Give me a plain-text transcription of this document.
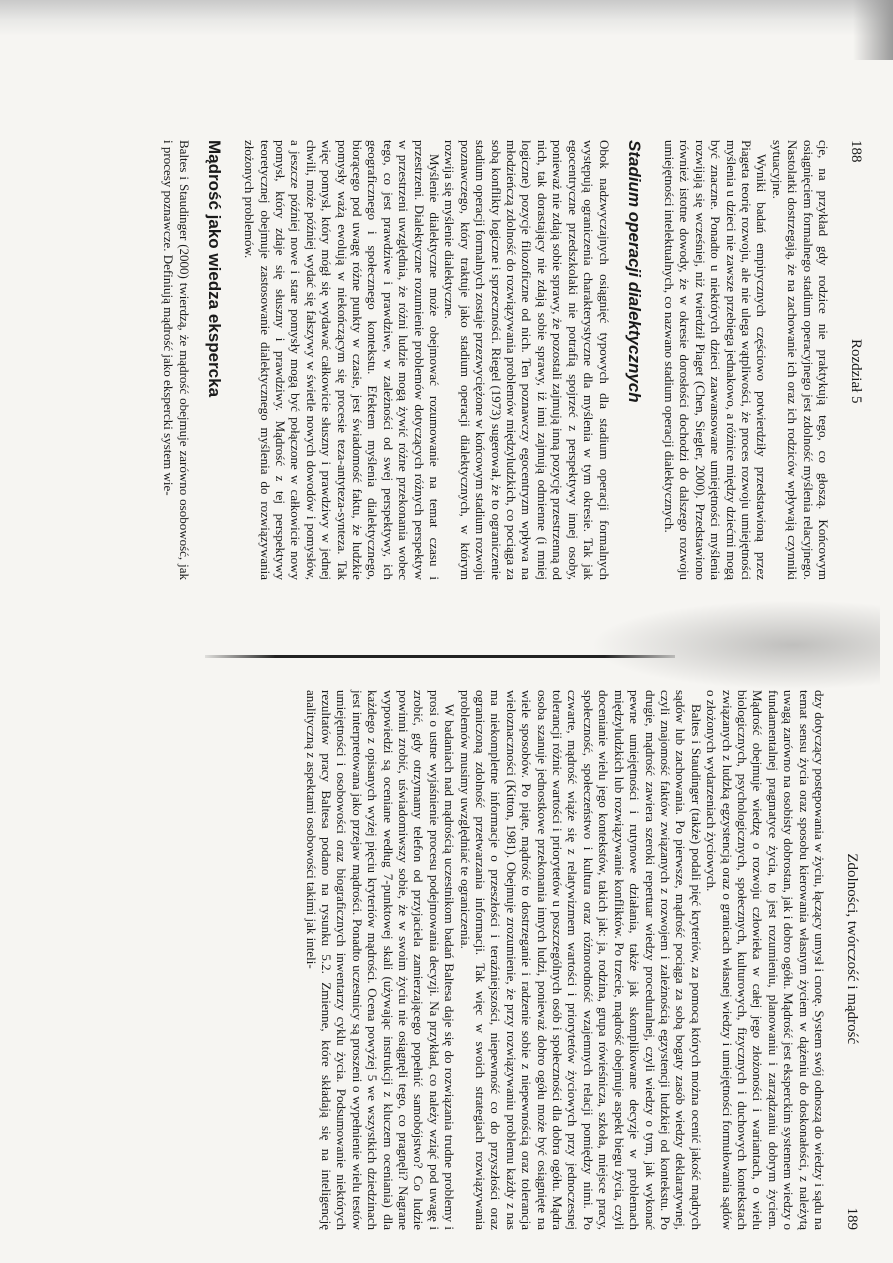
188
Rozdział 5

cje, na przykład gdy rodzice nie praktykują tego, co głoszą. Końcowym osiągnięciem formalnego stadium operacyjnego jest zdolność myślenia relacyjnego. Nastolatki dostrzegają, że na zachowanie ich oraz ich rodziców wpływają czynniki sytuacyjne.

Wyniki badań empirycznych częściowo potwierdziły przedstawioną przez Piageta teorię rozwoju, ale nie ulega wątpliwości, że proces rozwoju umiejętności myślenia u dzieci nie zawsze przebiega jednakowo, a różnice między dziećmi mogą być znaczne. Ponadto u niektórych dzieci zaawansowane umiejętności myślenia rozwijają się wcześniej, niż twierdził Piaget (Chen, Siegler, 2000). Przedstawiono również istotne dowody, że w okresie dorosłości dochodzi do dalszego rozwoju umiejętności intelektualnych, co nazwano stadium operacji dialektycznych.

Stadium operacji dialektycznych

Obok nadzwyczajnych osiągnięć typowych dla stadium operacji formalnych występują ograniczenia charakterystyczne dla myślenia w tym okresie. Tak jak egocentryczne przedszkolaki nie potrafią spojrzeć z perspektywy innej osoby, ponieważ nie zdają sobie sprawy, że pozostali zajmują inną pozycję przestrzenną od nich, tak dorastający nie zdają sobie sprawy, iż inni zajmują odmienne (i mniej logiczne) pozycje filozoficzne od nich. Ten poznawczy egocentryzm wpływa na młodzieńczą zdolność do rozwiązywania problemów międzyludzkich, co pociąga za sobą konflikty logiczne i sprzeczności. Riegel (1973) sugerował, że to ograniczenie stadium operacji formalnych zostaje przezwyciężone w końcowym stadium rozwoju poznawczego, który traktuje jako stadium operacji dialektycznych, w którym rozwija się myślenie dialektyczne.

Myślenie dialektyczne może obejmować rozumowanie na temat czasu i przestrzeni. Dialektyczne rozumienie problemów dotyczących różnych perspektyw w przestrzeni uwzględnia, że różni ludzie mogą żywić różne przekonania wobec tego, co jest prawdziwe i prawdziwe, w zależności od swej perspektywy, ich geograficznego i społecznego kontekstu. Efektem myślenia dialektycznego, biorącego pod uwagę różne punkty w czasie, jest świadomość faktu, że ludzkie pomysły ważą ewolują w niekończącym się procesie teza-antyteza-synteza. Tak więc pomysł, który mógł się wydawać całkowicie słuszny i prawdziwy w jednej chwili, może później wydać się fałszywy w świetle nowych dowodów i pomysłów, a jeszcze później nowe i stare pomysły mogą być połączone w całkowicie nowy pomysł, który zdaje się słuszny i prawdziwy. Mądrość z tej perspektywy teoretycznej obejmuje zastosowanie dialektycznego myślenia do rozwiązywania złożonych problemów.

Mądrość jako wiedza ekspercka

Baltes i Staudinger (2000) twierdzą, że mądrość obejmuje zarówno osobowość, jak i procesy poznawcze. Definiują mądrość jako ekspercki system wie-

Zdolności, twórczość i mądrość
189

dzy dotyczący postępowania w życiu, łączący umysł i cnotę. System swój odnoszą do wiedzy i sądu na temat sensu życia oraz sposobu kierowania własnym życiem w dążeniu do doskonałości, z należytą uwagą zarówno na osobisty dobrostan, jak i dobro ogółu. Mądrość jest eksperckim systemem wiedzy o fundamentalnej pragmatyce życia, to jest rozumieniu, planowaniu i zarządzaniu dobrym życiem. Mądrość obejmuje wiedzę o rozwoju człowieka w całej jego złożoności i wariantach, o wielu biologicznych, psychologicznych, społecznych, kulturowych, fizycznych i duchowych kontekstach związanych z ludzką egzystencją oraz o granicach własnej wiedzy i umiejętności formułowania sądów o złożonych wydarzeniach życiowych.

Baltes i Staudinger (także) podali pięć kryteriów, za pomocą których można ocenić jakość mądrych sądów lub zachowania. Po pierwsze, mądrość pociąga za sobą bogaty zasób wiedzy deklaratywnej, czyli znajomość faktów związanych z rozwojem i zależnością egzystencji ludzkiej od kontekstu. Po drugie, mądrość zawiera szeroki repertuar wiedzy proceduralnej, czyli wiedzy o tym, jak wykonać pewne umiejętności i rutynowe działania, także jak skomplikowane decyzje w problemach międzyludzkich lub rozwiązywanie konfliktów. Po trzecie, mądrość obejmuje aspekt biegu życia, czyli docenianie wielu jego kontekstów, takich jak: ja, rodzina, grupa rówieśnicza, szkoła, miejsce pracy, społeczność, społeczeństwo i kultura oraz różnorodność wzajemnych relacji pomiędzy nimi. Po czwarte, mądrość wiąże się z relatywizmem wartości i priorytetów życiowych przy jednoczesnej tolerancji różnic wartości i priorytetów u poszczególnych osób i społeczności dla dobra ogółu. Mądra osoba szanuje jednostkowe przekonania innych ludzi, ponieważ dobro ogółu może być osiągnięte na wiele sposobów. Po piąte, mądrość to dostrzeganie i radzenie sobie z niepewnością oraz tolerancja wieloznaczności (Kitton, 1981). Obejmuje zrozumienie, że przy rozwiązywaniu problemu każdy z nas ma niekompletne informacje o przeszłości i teraźniejszości, niepewność co do przyszłości oraz ograniczoną zdolność przetwarzania informacji. Tak więc w swoich strategiach rozwiązywania problemów musimy uwzględniać te ograniczenia.

W badaniach nad mądrością uczestnikom badań Baltesa daje się do rozwiązania trudne problemy i prosi o ustne wyjaśnienie procesu podejmowania decyzji. Na przykład, co należy wziąć pod uwagę i zrobić, gdy otrzymamy telefon od przyjaciela zamierzającego popełnić samobójstwo? Co ludzie powinni zrobić, uświadomiwszy sobie, że w swoim życiu nie osiągnęli tego, co pragnęli? Nagrane wypowiedzi są oceniane według 7-punktowej skali (używając instrukcji z kluczem oceniania) dla każdego z opisanych wyżej pięciu kryteriów mądrości. Ocena powyżej 5 we wszystkich dziedzinach jest interpretowana jako przejaw mądrości. Ponadto uczestnicy są proszeni o wypełnienie wielu testów umiejętności i osobowości oraz biograficznych inwentarzy cyklu życia. Podsumowanie niektórych rezultatów pracy Baltesa podano na rysunku 5.2. Zmienne, które składają się na inteligencję analityczną z aspektami osobowości takimi jak inteli-
